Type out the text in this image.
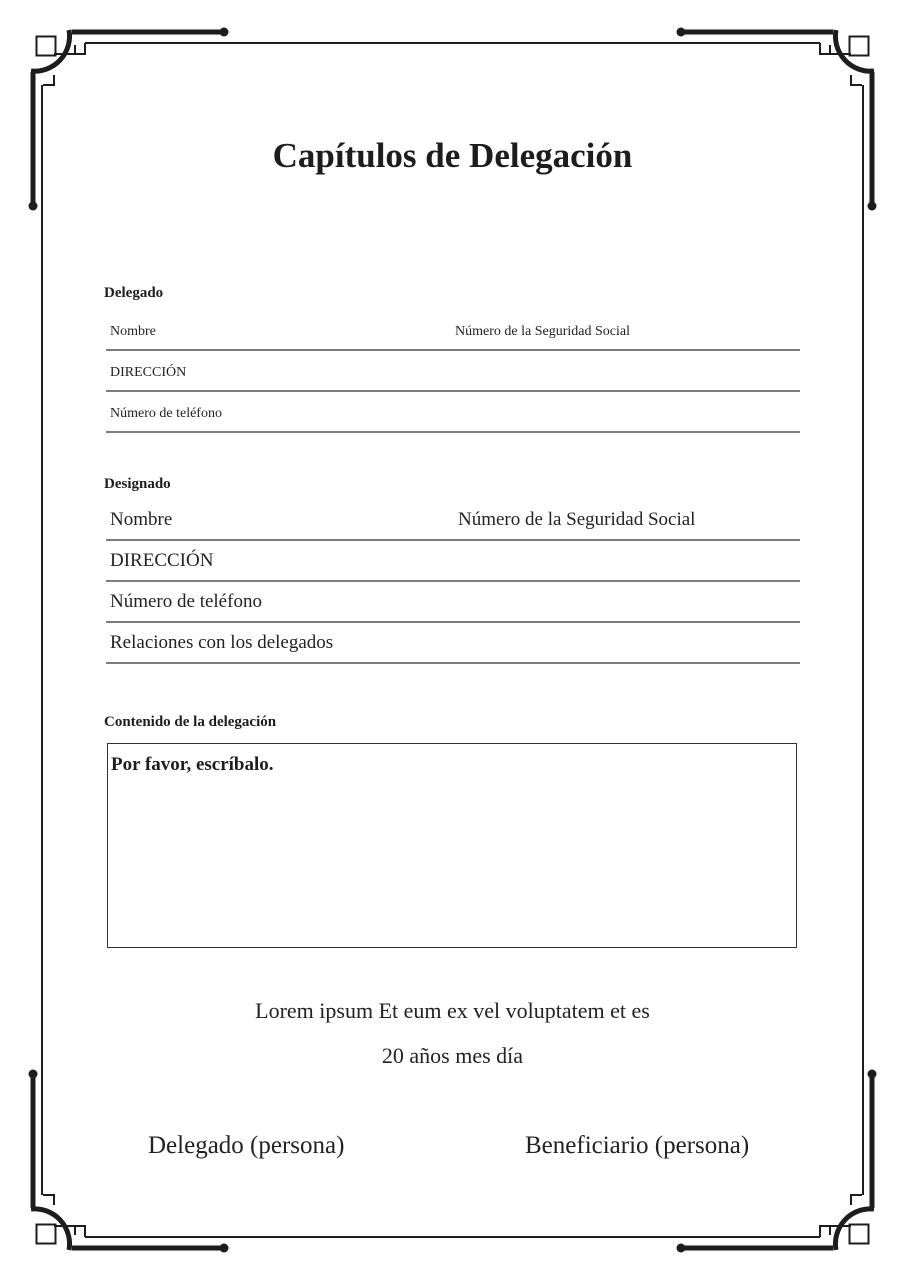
Capítulos de Delegación
Delegado
Nombre	Número de la Seguridad Social
DIRECCIÓN
Número de teléfono
Designado
Nombre	Número de la Seguridad Social
DIRECCIÓN
Número de teléfono
Relaciones con los delegados
Contenido de la delegación
Por favor, escríbalo.
Lorem ipsum Et eum ex vel voluptatem et es
20 años mes día
Delegado (persona)	Beneficiario (persona)
